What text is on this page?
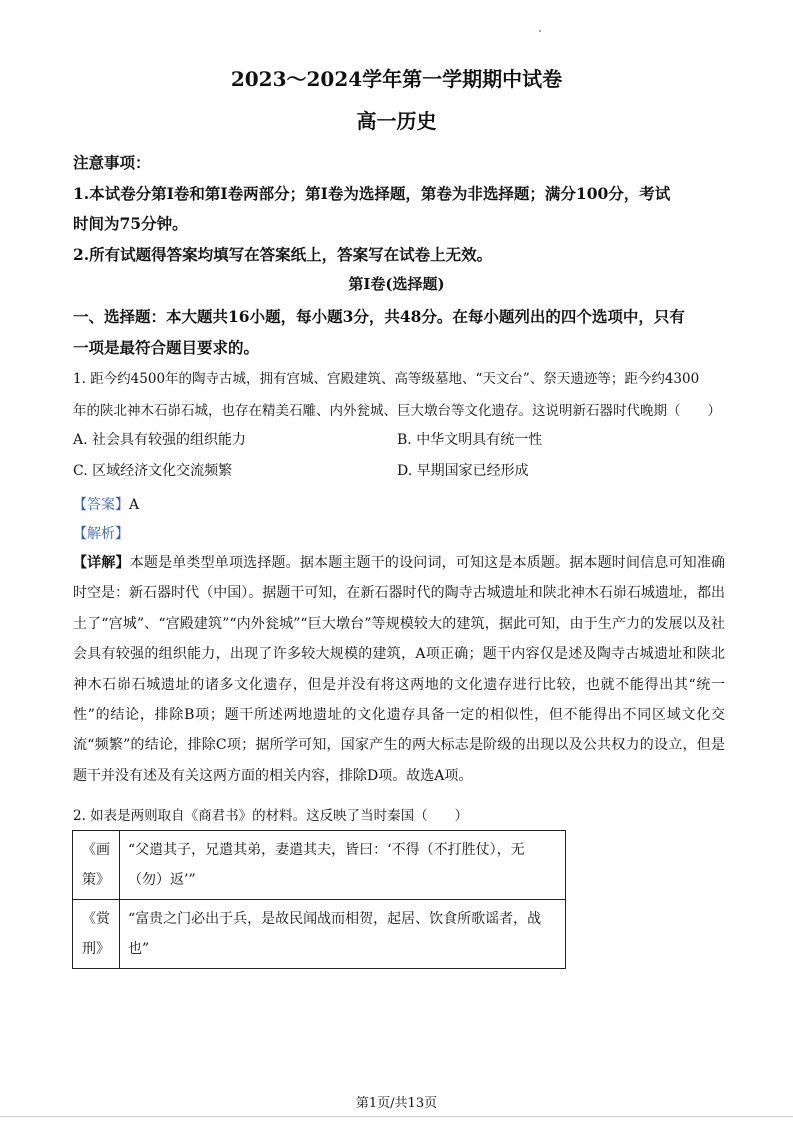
2023～2024学年第一学期期中试卷
高一历史
注意事项：
1.本试卷分第Ⅰ卷和第Ⅰ卷两部分；第Ⅰ卷为选择题，第卷为非选择题；满分100分，考试
时间为75分钟。
2.所有试题得答案均填写在答案纸上，答案写在试卷上无效。
第Ⅰ卷(选择题)
一、选择题：本大题共16小题，每小题3分，共48分。在每小题列出的四个选项中，只有
一项是最符合题目要求的。
1. 距今约4500年的陶寺古城，拥有宫城、宫殿建筑、高等级墓地、“天文台”、祭天遗迹等；距今约4300
年的陕北神木石峁石城，也存在精美石雕、内外瓮城、巨大墩台等文化遗存。这说明新石器时代晚期（　　）
A. 社会具有较强的组织能力	B. 中华文明具有统一性
C. 区域经济文化交流频繁	D. 早期国家已经形成
【答案】A
【解析】
【详解】本题是单类型单项选择题。据本题主题干的设问词，可知这是本质题。据本题时间信息可知准确时空是：新石器时代（中国）。据题干可知，在新石器时代的陶寺古城遗址和陕北神木石峁石城遗址，都出土了“宫城”、“宫殿建筑”“内外瓮城”“巨大墩台”等规模较大的建筑，据此可知，由于生产力的发展以及社会具有较强的组织能力，出现了许多较大规模的建筑，A项正确；题干内容仅是述及陶寺古城遗址和陕北神木石峁石城遗址的诸多文化遗存，但是并没有将这两地的文化遗存进行比较，也就不能得出其“统一性”的结论，排除B项；题干所述两地遗址的文化遗存具备一定的相似性，但不能得出不同区域文化交流“频繁”的结论，排除C项；据所学可知，国家产生的两大标志是阶级的出现以及公共权力的设立，但是题干并没有述及有关这两方面的相关内容，排除D项。故选A项。
2. 如表是两则取自《商君书》的材料。这反映了当时秦国（　　）
《画策》	“父遣其子，兄遣其弟，妻遣其夫，皆曰：‘不得（不打胜仗），无（勿）返’”
《赏刑》	“富贵之门必出于兵，是故民闻战而相贺，起居、饮食所歌谣者，战也”
第1页/共13页
